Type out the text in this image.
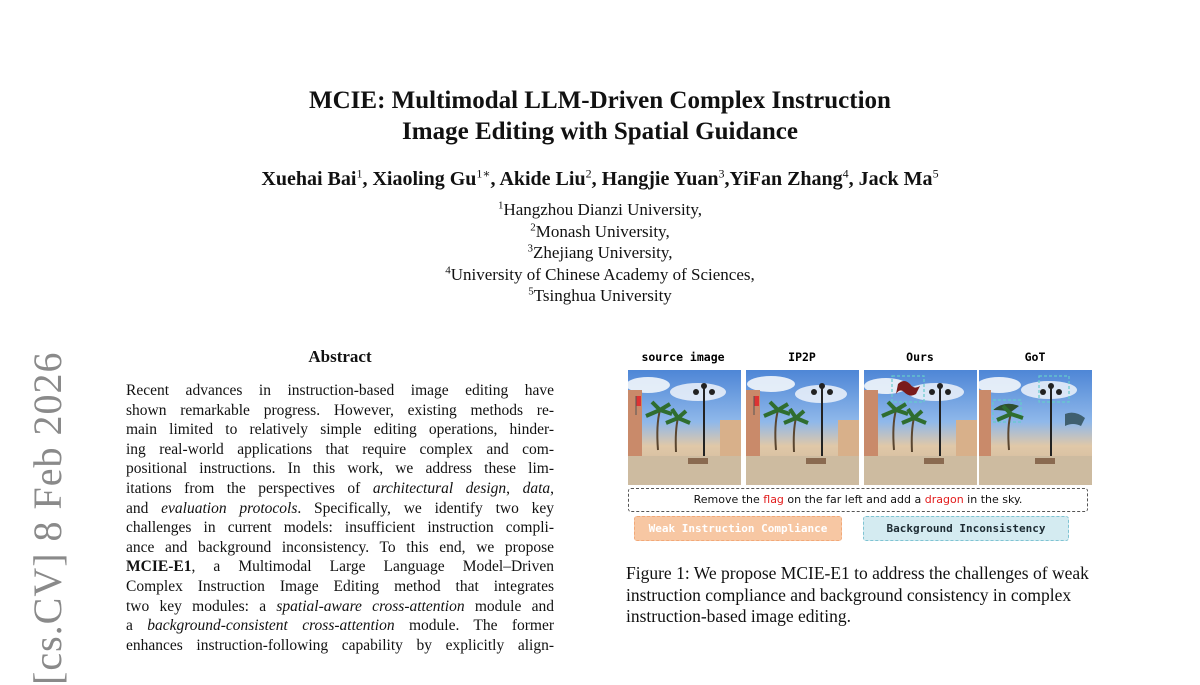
MCIE: Multimodal LLM-Driven Complex Instruction
Image Editing with Spatial Guidance
Xuehai Bai$^1$, Xiaoling $Gu^{1∗}$, Akide Liu$^2$, Hangjie Yuan$^3$,YiFan Zhang$^4$, Jack Ma$^5$
$^1$Hangzhou Dianzi University,
$^2$Monash University,
$^3$Zhejiang University,
$^4$University of Chinese Academy of Sciences,
$^5$Tsinghua University
[cs.CV] 8 Feb 2026	Abstract
Recent advances in instruction-based image editing have
shown remarkable progress. However, existing methods re-
main limited to relatively simple editing operations, hinder-
ing real-world applications that require complex and com-
positional instructions. In this work, we address these lim-
itations from the perspectives of architectural design, data,
and evaluation protocols. Specifically, we identify two key
challenges in current models: insufficient instruction compli-
ance and background inconsistency. To this end, we propose
MCIE-E1, a Multimodal Large Language Model–Driven
Complex Instruction Image Editing method that integrates
two key modules: a spatial-aware cross-attention module and
a background-consistent cross-attention module. The former
enhances instruction-following capability by explicitly align-
source image	IP2P	Ours	GoT
Remove the flag on the far left and add a dragon in the sky.
Weak Instruction Compliance	Background Inconsistency
Figure 1: We propose MCIE-E1 to address the challenges of weak instruction compliance and background consistency in complex instruction-based image editing.
